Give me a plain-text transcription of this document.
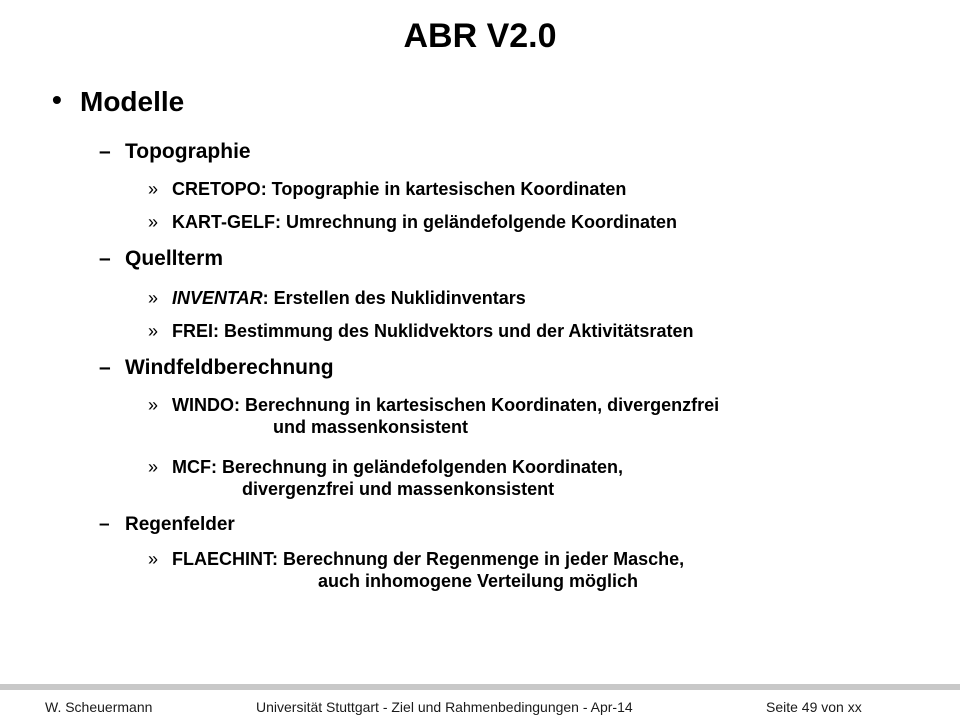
ABR V2.0
• Modelle
– Topographie
» CRETOPO: Topographie in kartesischen Koordinaten
» KART-GELF: Umrechnung in geländefolgende Koordinaten
– Quellterm
» INVENTAR: Erstellen des Nuklidinventars
» FREI: Bestimmung des Nuklidvektors und der Aktivitätsraten
– Windfeldberechnung
» WINDO: Berechnung in kartesischen Koordinaten, divergenzfrei
und massenkonsistent
» MCF: Berechnung in geländefolgenden Koordinaten,
divergenzfrei und massenkonsistent
– Regenfelder
» FLAECHINT: Berechnung der Regenmenge in jeder Masche,
auch inhomogene Verteilung möglich
W. Scheuermann	Universität Stuttgart - Ziel und Rahmenbedingungen - Apr-14	Seite 49 von xx
